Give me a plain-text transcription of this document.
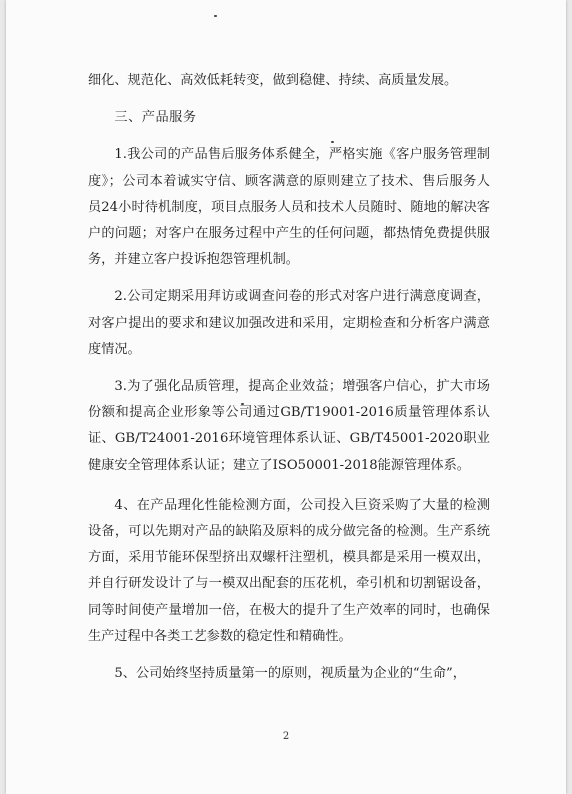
细化、规范化、高效低耗转变，做到稳健、持续、高质量发展。

三、产品服务

1.我公司的产品售后服务体系健全，严格实施《客户服务管理制度》；公司本着诚实守信、顾客满意的原则建立了技术、售后服务人员24小时待机制度，项目点服务人员和技术人员随时、随地的解决客户的问题；对客户在服务过程中产生的任何问题，都热情免费提供服务，并建立客户投诉抱怨管理机制。

2.公司定期采用拜访或调查问卷的形式对客户进行满意度调查，对客户提出的要求和建议加强改进和采用，定期检查和分析客户满意度情况。

3.为了强化品质管理，提高企业效益；增强客户信心，扩大市场份额和提高企业形象等公司通过GB/T19001-2016质量管理体系认证、GB/T24001-2016环境管理体系认证、GB/T45001-2020职业健康安全管理体系认证；建立了ISO50001-2018能源管理体系。

4、在产品理化性能检测方面，公司投入巨资采购了大量的检测设备，可以先期对产品的缺陷及原料的成分做完备的检测。生产系统方面，采用节能环保型挤出双螺杆注塑机，模具都是采用一模双出，并自行研发设计了与一模双出配套的压花机，牵引机和切割锯设备，同等时间使产量增加一倍，在极大的提升了生产效率的同时，也确保生产过程中各类工艺参数的稳定性和精确性。

5、公司始终坚持质量第一的原则，视质量为企业的“生命”，

2
